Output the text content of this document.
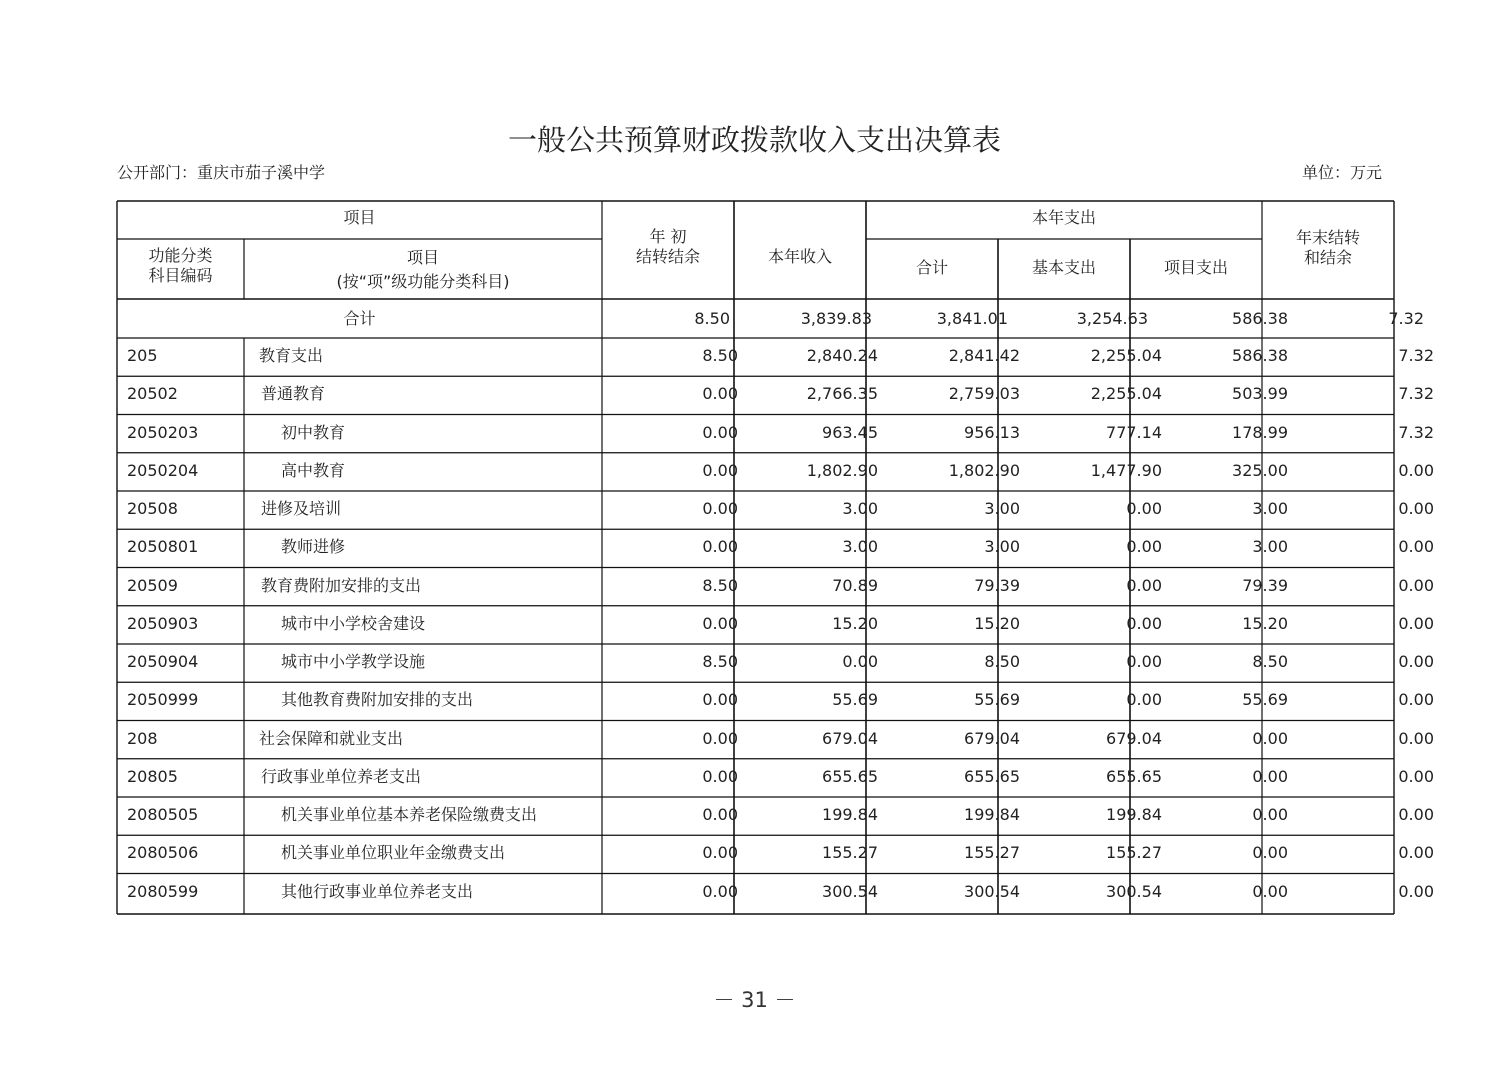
一般公共预算财政拨款收入支出决算表
公开部门：重庆市茄子溪中学	单位：万元
项目
功能分类
科目编码
项目
(按“项”级功能分类科目)
年 初
结转结余	本年收入
本年支出
合计	基本支出	项目支出
年末结转
和结余
合计	8.50	3,839.83	3,841.01	3,254.63	586.38	7.32
205	教育支出	8.50	2,840.24	2,841.42	2,255.04	586.38	7.32
20502	普通教育	0.00	2,766.35	2,759.03	2,255.04	503.99	7.32
2050203	初中教育	0.00	963.45	956.13	777.14	178.99	7.32
2050204	高中教育	0.00	1,802.90	1,802.90	1,477.90	325.00	0.00
20508	进修及培训	0.00	3.00	3.00	0.00	3.00	0.00
2050801	教师进修	0.00	3.00	3.00	0.00	3.00	0.00
20509	教育费附加安排的支出	8.50	70.89	79.39	0.00	79.39	0.00
2050903	城市中小学校舍建设	0.00	15.20	15.20	0.00	15.20	0.00
2050904	城市中小学教学设施	8.50	0.00	8.50	0.00	8.50	0.00
2050999	其他教育费附加安排的支出	0.00	55.69	55.69	0.00	55.69	0.00
208	社会保障和就业支出	0.00	679.04	679.04	679.04	0.00	0.00
20805	行政事业单位养老支出	0.00	655.65	655.65	655.65	0.00	0.00
2080505	机关事业单位基本养老保险缴费支出	0.00	199.84	199.84	199.84	0.00	0.00
2080506	机关事业单位职业年金缴费支出	0.00	155.27	155.27	155.27	0.00	0.00
2080599	其他行政事业单位养老支出	0.00	300.54	300.54	300.54	0.00	0.00
－ 31 －
